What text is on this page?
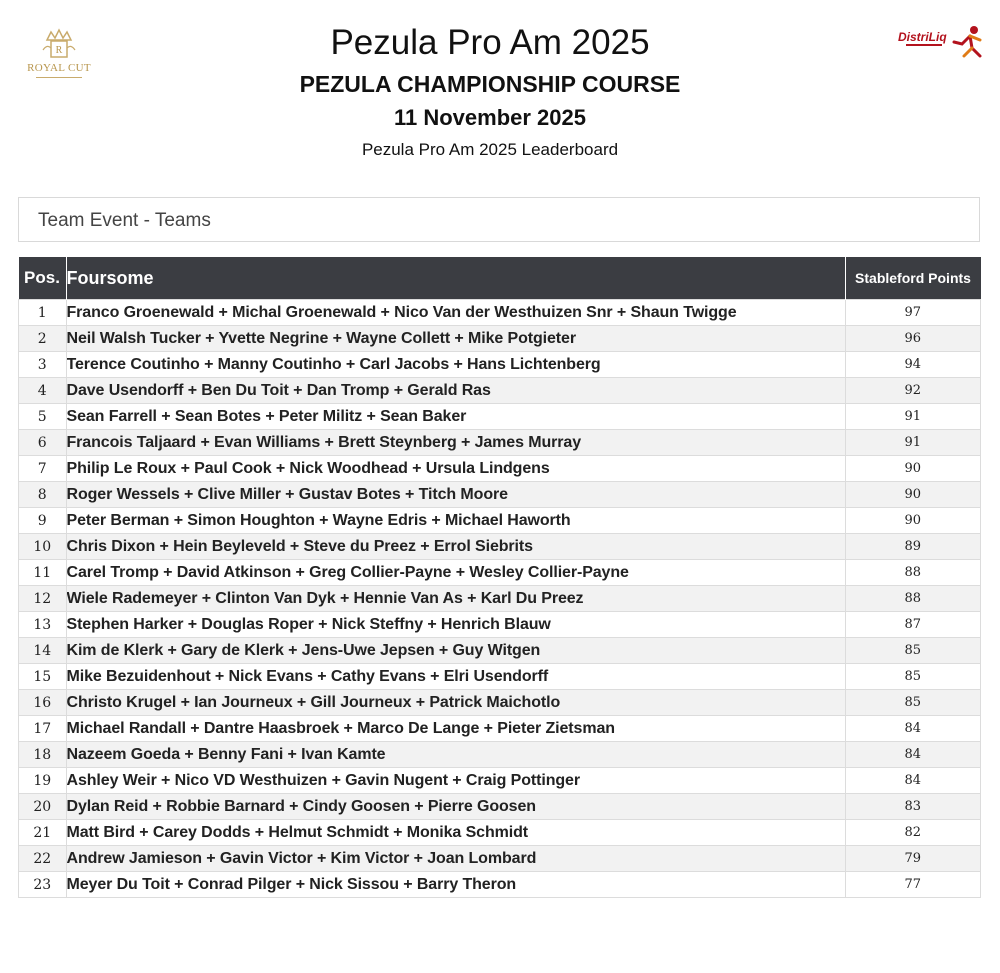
R
ROYAL CUT
DistriLiq
Pezula Pro Am 2025
PEZULA CHAMPIONSHIP COURSE
11 November 2025
Pezula Pro Am 2025 Leaderboard
Team Event - Teams
Pos.	Foursome	Stableford Points
1	Franco Groenewald + Michal Groenewald + Nico Van der Westhuizen Snr + Shaun Twigge	97
2	Neil Walsh Tucker + Yvette Negrine + Wayne Collett + Mike Potgieter	96
3	Terence Coutinho + Manny Coutinho + Carl Jacobs + Hans Lichtenberg	94
4	Dave Usendorff + Ben Du Toit + Dan Tromp + Gerald Ras	92
5	Sean Farrell + Sean Botes + Peter Militz + Sean Baker	91
6	Francois Taljaard + Evan Williams + Brett Steynberg + James Murray	91
7	Philip Le Roux + Paul Cook + Nick Woodhead + Ursula Lindgens	90
8	Roger Wessels + Clive Miller + Gustav Botes + Titch Moore	90
9	Peter Berman + Simon Houghton + Wayne Edris + Michael Haworth	90
10	Chris Dixon + Hein Beyleveld + Steve du Preez + Errol Siebrits	89
11	Carel Tromp + David Atkinson + Greg Collier-Payne + Wesley Collier-Payne	88
12	Wiele Rademeyer + Clinton Van Dyk + Hennie Van As + Karl Du Preez	88
13	Stephen Harker + Douglas Roper + Nick Steffny + Henrich Blauw	87
14	Kim de Klerk + Gary de Klerk + Jens-Uwe Jepsen + Guy Witgen	85
15	Mike Bezuidenhout + Nick Evans + Cathy Evans + Elri Usendorff	85
16	Christo Krugel + Ian Journeux + Gill Journeux + Patrick Maichotlo	85
17	Michael Randall + Dantre Haasbroek + Marco De Lange + Pieter Zietsman	84
18	Nazeem Goeda + Benny Fani + Ivan Kamte	84
19	Ashley Weir + Nico VD Westhuizen + Gavin Nugent + Craig Pottinger	84
20	Dylan Reid + Robbie Barnard + Cindy Goosen + Pierre Goosen	83
21	Matt Bird + Carey Dodds + Helmut Schmidt + Monika Schmidt	82
22	Andrew Jamieson + Gavin Victor + Kim Victor + Joan Lombard	79
23	Meyer Du Toit + Conrad Pilger + Nick Sissou + Barry Theron	77
